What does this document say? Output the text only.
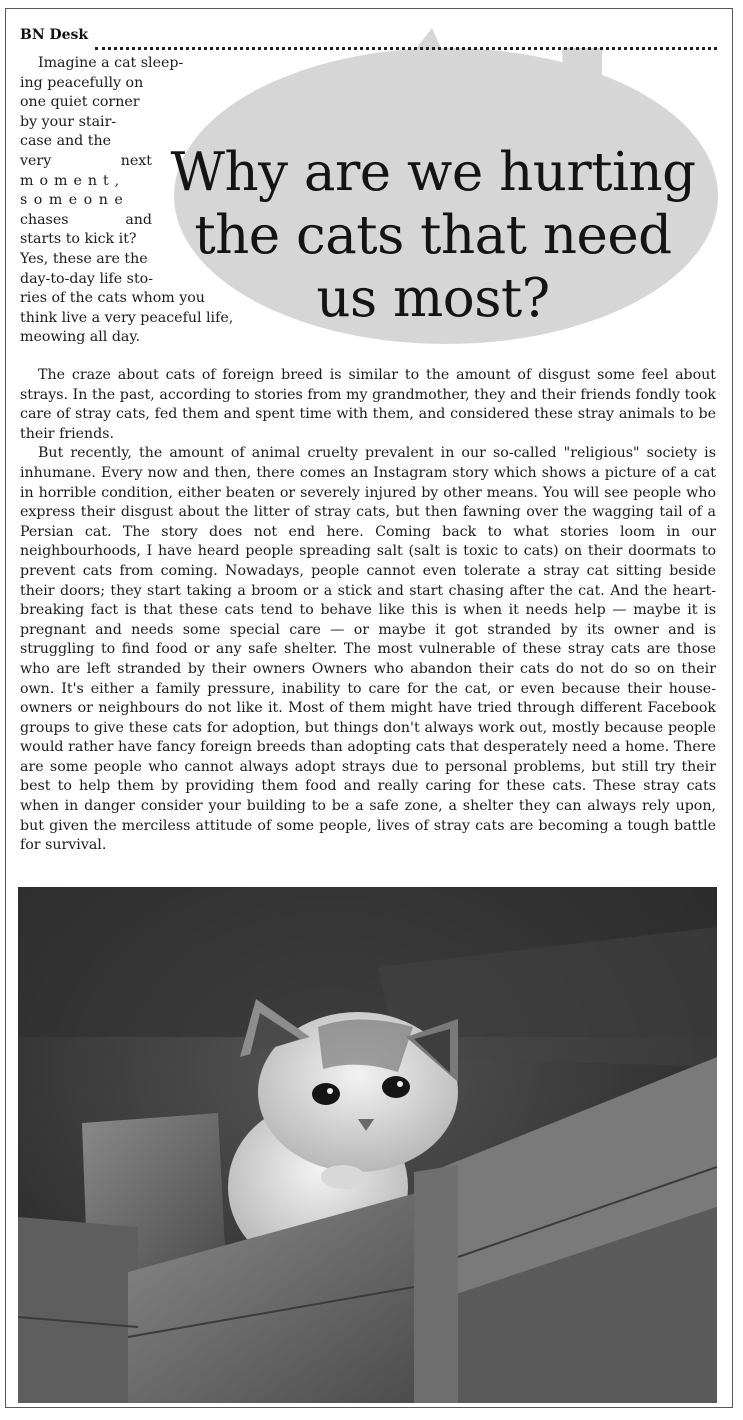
BN Desk
Why are we hurting the cats that need us most?
Imagine a cat sleep-
ing peacefully on
one quiet corner
by your stair-
case and the
very next
moment,
someone
chases and
starts to kick it?
Yes, these are the
day-to-day life sto-
ries of the cats whom you
think live a very peaceful life,
meowing all day.

The craze about cats of foreign breed is similar to the amount of disgust some feel about strays. In the past, according to stories from my grandmother, they and their friends fondly took care of stray cats, fed them and spent time with them, and considered these stray animals to be their friends.

But recently, the amount of animal cruelty prevalent in our so-called "religious" society is inhumane. Every now and then, there comes an Instagram story which shows a picture of a cat in horrible condition, either beaten or severely injured by other means. You will see people who express their disgust about the litter of stray cats, but then fawning over the wagging tail of a Persian cat. The story does not end here. Coming back to what stories loom in our neighbourhoods, I have heard people spreading salt (salt is toxic to cats) on their doormats to prevent cats from coming. Nowadays, people cannot even tolerate a stray cat sitting beside their doors; they start taking a broom or a stick and start chasing after the cat. And the heart-breaking fact is that these cats tend to behave like this is when it needs help — maybe it is pregnant and needs some special care — or maybe it got stranded by its owner and is struggling to find food or any safe shelter. The most vulnerable of these stray cats are those who are left stranded by their owners Owners who abandon their cats do not do so on their own. It's either a family pressure, inability to care for the cat, or even because their house-owners or neighbours do not like it. Most of them might have tried through different Facebook groups to give these cats for adoption, but things don't always work out, mostly because people would rather have fancy foreign breeds than adopting cats that desperately need a home. There are some people who cannot always adopt strays due to personal problems, but still try their best to help them by providing them food and really caring for these cats. These stray cats when in danger consider your building to be a safe zone, a shelter they can always rely upon, but given the merciless attitude of some people, lives of stray cats are becoming a tough battle for survival.
